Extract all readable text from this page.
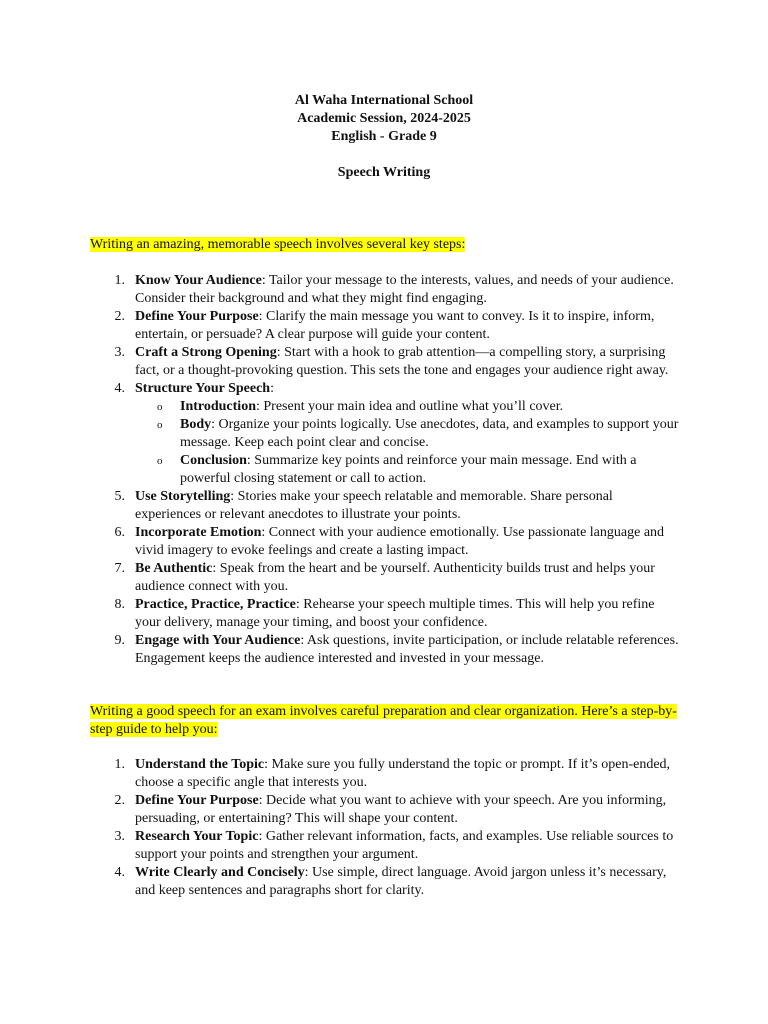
Al Waha International School
Academic Session, 2024-2025
English - Grade 9
Speech Writing

Writing an amazing, memorable speech involves several key steps:

1. Know Your Audience: Tailor your message to the interests, values, and needs of your audience. Consider their background and what they might find engaging.
2. Define Your Purpose: Clarify the main message you want to convey. Is it to inspire, inform, entertain, or persuade? A clear purpose will guide your content.
3. Craft a Strong Opening: Start with a hook to grab attention—a compelling story, a surprising fact, or a thought-provoking question. This sets the tone and engages your audience right away.
4. Structure Your Speech:
o Introduction: Present your main idea and outline what you’ll cover.
o Body: Organize your points logically. Use anecdotes, data, and examples to support your message. Keep each point clear and concise.
o Conclusion: Summarize key points and reinforce your main message. End with a powerful closing statement or call to action.
5. Use Storytelling: Stories make your speech relatable and memorable. Share personal experiences or relevant anecdotes to illustrate your points.
6. Incorporate Emotion: Connect with your audience emotionally. Use passionate language and vivid imagery to evoke feelings and create a lasting impact.
7. Be Authentic: Speak from the heart and be yourself. Authenticity builds trust and helps your audience connect with you.
8. Practice, Practice, Practice: Rehearse your speech multiple times. This will help you refine your delivery, manage your timing, and boost your confidence.
9. Engage with Your Audience: Ask questions, invite participation, or include relatable references. Engagement keeps the audience interested and invested in your message.

Writing a good speech for an exam involves careful preparation and clear organization. Here’s a step-by-step guide to help you:

1. Understand the Topic: Make sure you fully understand the topic or prompt. If it’s open-ended, choose a specific angle that interests you.
2. Define Your Purpose: Decide what you want to achieve with your speech. Are you informing, persuading, or entertaining? This will shape your content.
3. Research Your Topic: Gather relevant information, facts, and examples. Use reliable sources to support your points and strengthen your argument.
4. Write Clearly and Concisely: Use simple, direct language. Avoid jargon unless it’s necessary, and keep sentences and paragraphs short for clarity.
